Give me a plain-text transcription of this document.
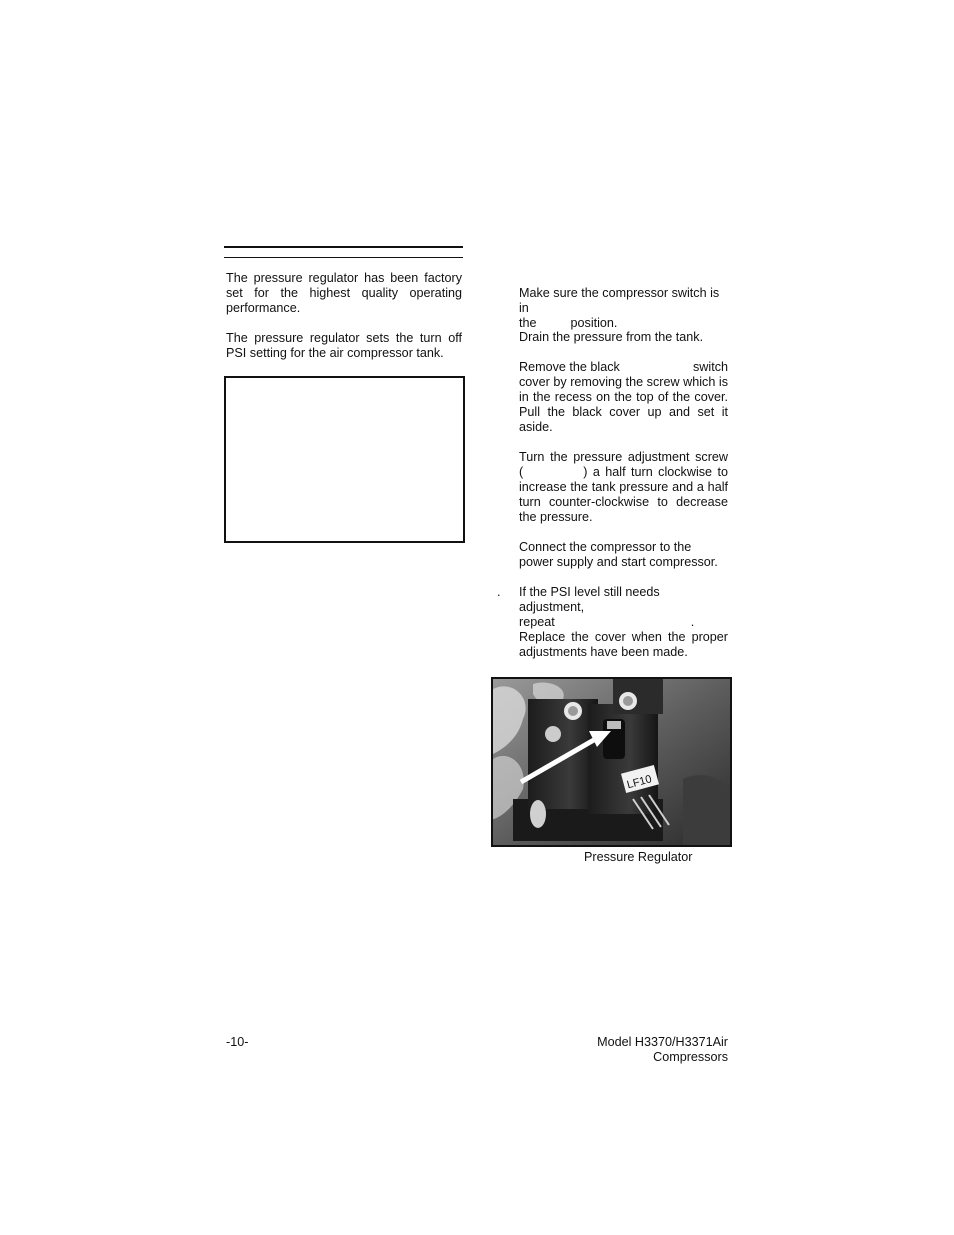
The pressure regulator has been factory set for the highest quality operating performance.
The pressure regulator sets the turn off PSI setting for the air compressor tank.
Make sure the compressor switch is in
the	position.
Drain the pressure from the tank.
Remove the black	switch
cover by removing the screw which is in the recess on the top of the cover. Pull the black cover up and set it aside.
Turn the pressure adjustment screw
(	) a half turn clockwise to
increase the tank pressure and a half turn counter-clockwise to decrease the pressure.
Connect the compressor to the power supply and start compressor.
.	If the PSI level still needs adjustment,
repeat	.
Replace the cover when the proper adjustments have been made.
LF10
Pressure Regulator
-10-	Model H3370/H3371Air Compressors
